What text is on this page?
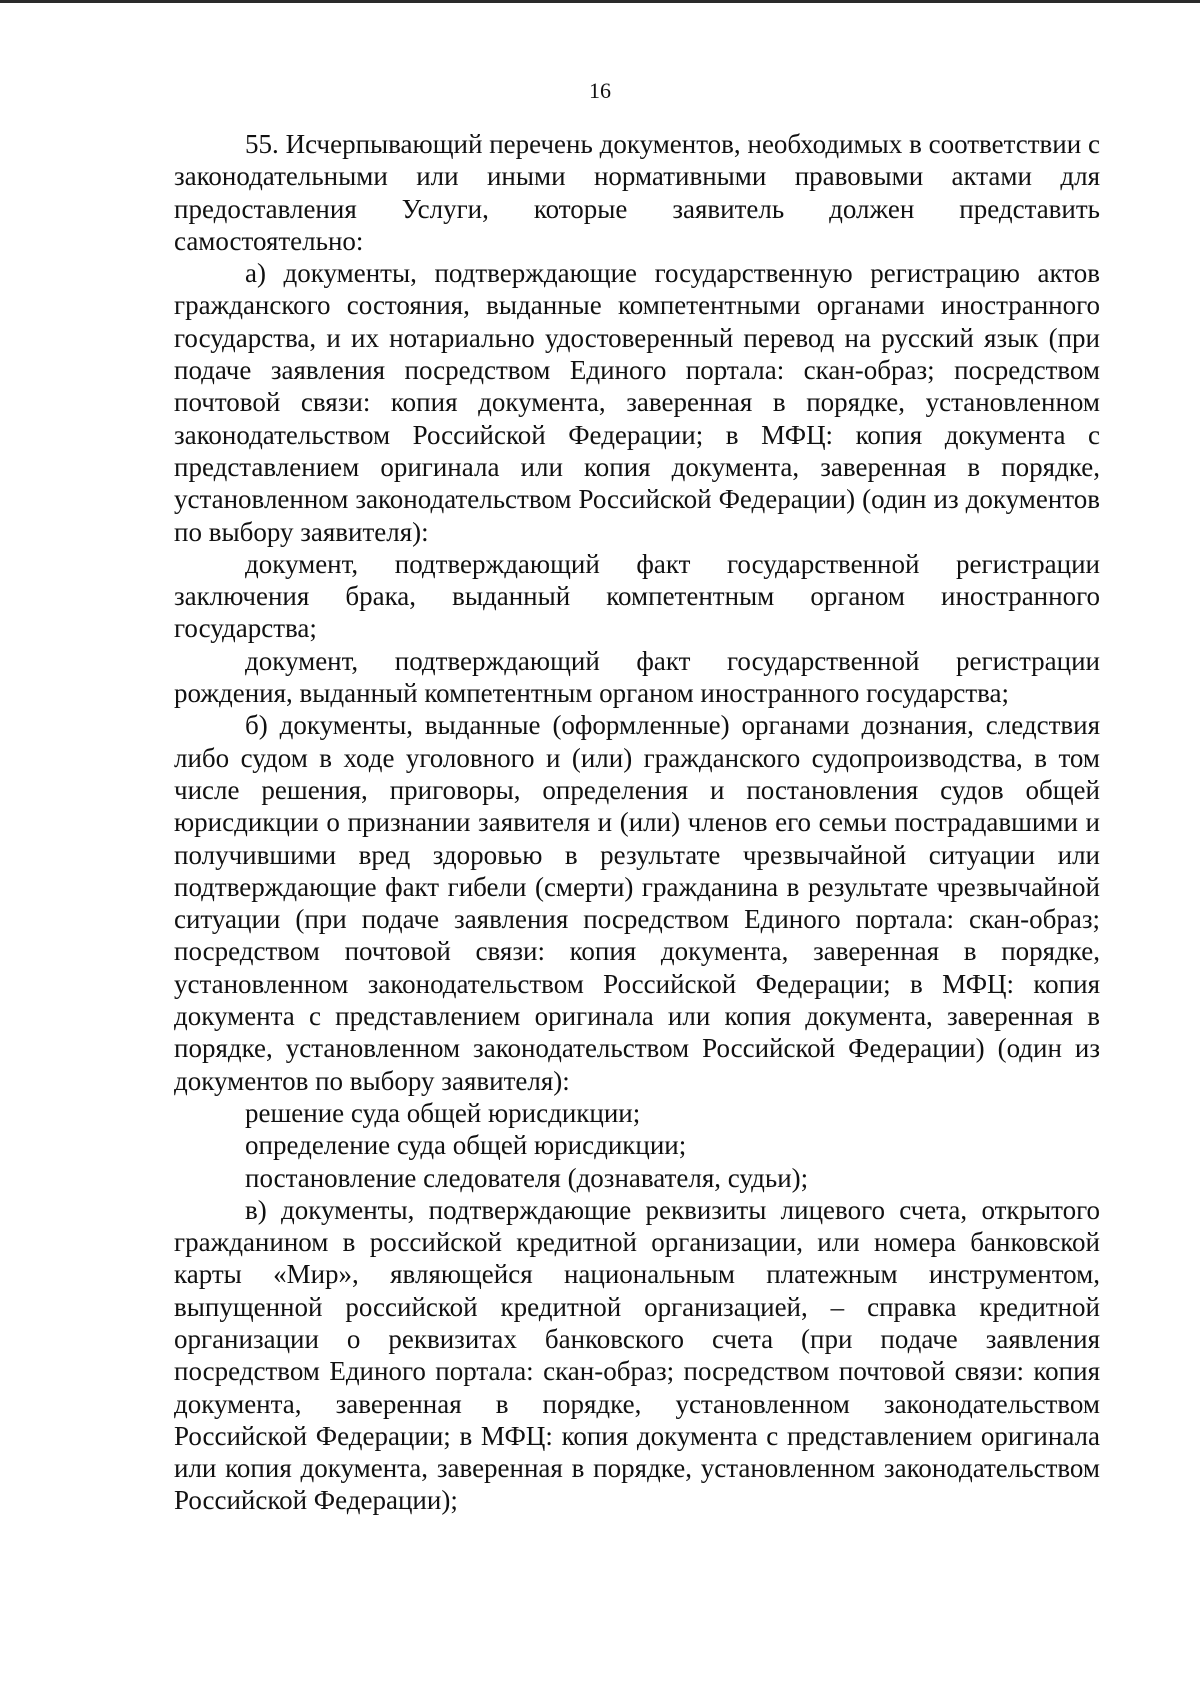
16

55. Исчерпывающий перечень документов, необходимых в соответствии с законодательными или иными нормативными правовыми актами для предоставления Услуги, которые заявитель должен представить самостоятельно:

а) документы, подтверждающие государственную регистрацию актов гражданского состояния, выданные компетентными органами иностранного государства, и их нотариально удостоверенный перевод на русский язык (при подаче заявления посредством Единого портала: скан-образ; посредством почтовой связи: копия документа, заверенная в порядке, установленном законодательством Российской Федерации; в МФЦ: копия документа с представлением оригинала или копия документа, заверенная в порядке, установленном законодательством Российской Федерации) (один из документов по выбору заявителя):

документ, подтверждающий факт государственной регистрации заключения брака, выданный компетентным органом иностранного государства;

документ, подтверждающий факт государственной регистрации рождения, выданный компетентным органом иностранного государства;

б) документы, выданные (оформленные) органами дознания, следствия либо судом в ходе уголовного и (или) гражданского судопроизводства, в том числе решения, приговоры, определения и постановления судов общей юрисдикции о признании заявителя и (или) членов его семьи пострадавшими и получившими вред здоровью в результате чрезвычайной ситуации или подтверждающие факт гибели (смерти) гражданина в результате чрезвычайной ситуации (при подаче заявления посредством Единого портала: скан-образ; посредством почтовой связи: копия документа, заверенная в порядке, установленном законодательством Российской Федерации; в МФЦ: копия документа с представлением оригинала или копия документа, заверенная в порядке, установленном законодательством Российской Федерации) (один из документов по выбору заявителя):

решение суда общей юрисдикции;

определение суда общей юрисдикции;

постановление следователя (дознавателя, судьи);

в) документы, подтверждающие реквизиты лицевого счета, открытого гражданином в российской кредитной организации, или номера банковской карты «Мир», являющейся национальным платежным инструментом, выпущенной российской кредитной организацией, – справка кредитной организации о реквизитах банковского счета (при подаче заявления посредством Единого портала: скан-образ; посредством почтовой связи: копия документа, заверенная в порядке, установленном законодательством Российской Федерации; в МФЦ: копия документа с представлением оригинала или копия документа, заверенная в порядке, установленном законодательством Российской Федерации);
